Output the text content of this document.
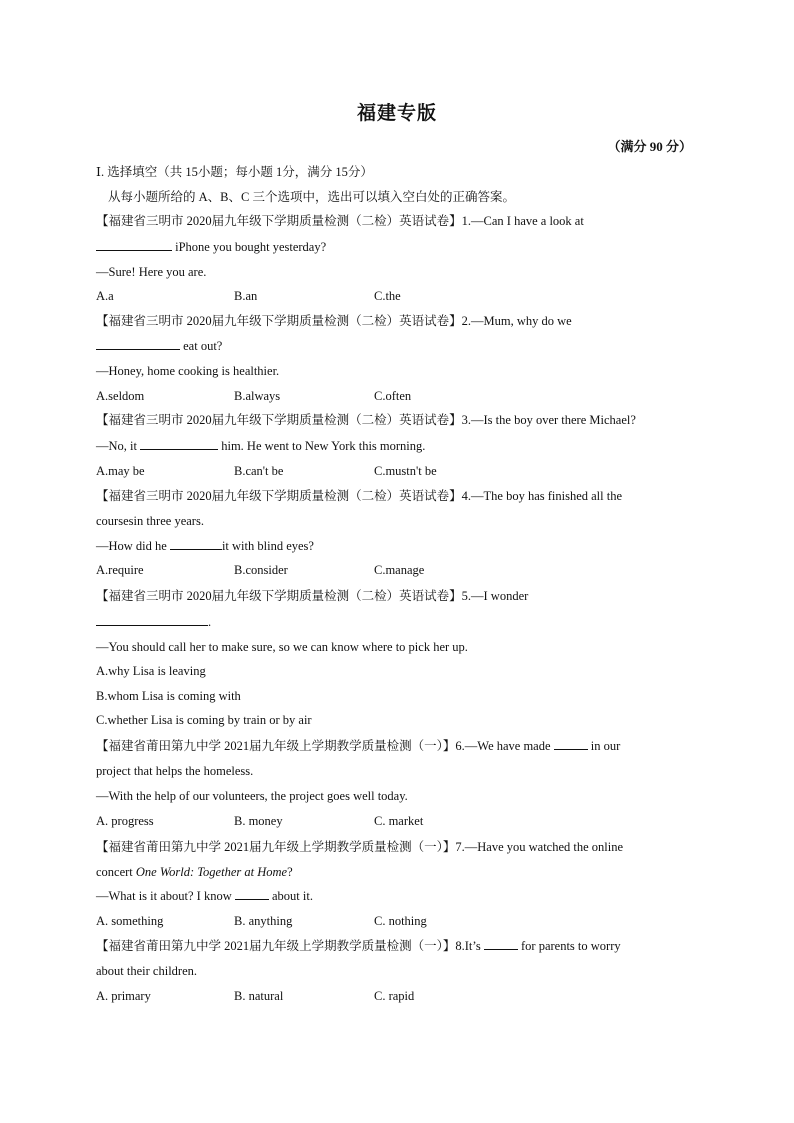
福建专版
（满分 90 分）
Ⅰ. 选择填空（共 15小题；每小题 1分，满分 15分）
从每小题所给的 A、B、C 三个选项中，选出可以填入空白处的正确答案。
【福建省三明市 2020届九年级下学期质量检测（二检）英语试卷】1.—Can I have a look at
iPhone you bought yesterday?
—Sure! Here you are.
A.a	B.an	C.the
【福建省三明市 2020届九年级下学期质量检测（二检）英语试卷】2.—Mum, why do we
eat out?
—Honey, home cooking is healthier.
A.seldom	B.always	C.often
【福建省三明市 2020届九年级下学期质量检测（二检）英语试卷】3.—Is the boy over there Michael?
—No, it	him. He went to New York this morning.
A.may be	B.can't be	C.mustn't be
【福建省三明市 2020届九年级下学期质量检测（二检）英语试卷】4.—The boy has finished all the
coursesin three years.
—How did he	it with blind eyes?
A.require	B.consider	C.manage
【福建省三明市 2020届九年级下学期质量检测（二检）英语试卷】5.—I wonder
.
—You should call her to make sure, so we can know where to pick her up.
A.why Lisa is leaving
B.whom Lisa is coming with
C.whether Lisa is coming by train or by air
【福建省莆田第九中学 2021届九年级上学期教学质量检测（一）】6.—We have made	in our
project that helps the homeless.
—With the help of our volunteers, the project goes well today.
A. progress	B. money	C. market
【福建省莆田第九中学 2021届九年级上学期教学质量检测（一）】7.—Have you watched the online
concert One World: Together at Home?
—What is it about? I know	about it.
A. something	B. anything	C. nothing
【福建省莆田第九中学 2021届九年级上学期教学质量检测（一）】8.It’s	for parents to worry
about their children.
A. primary	B. natural	C. rapid
